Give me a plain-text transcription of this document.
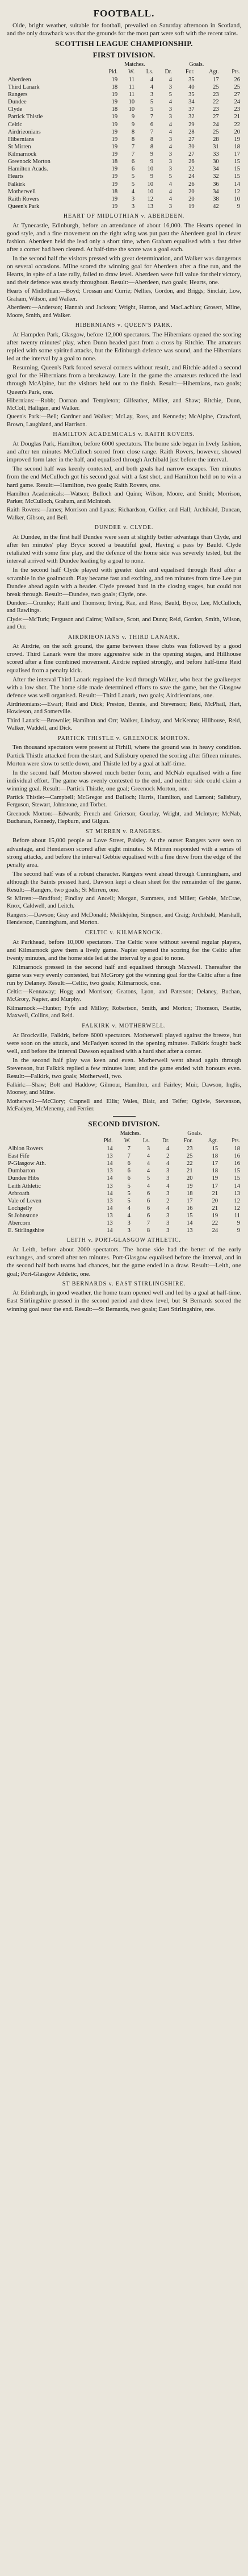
FOOTBALL.

Olde, bright weather, suitable for football, prevailed on Saturday afternoon in Scotland, and the only drawback was that the grounds for the most part were soft with the recent rains.

SCOTTISH LEAGUE CHAMPIONSHIP.
FIRST DIVISION.
	Matches.				Goals.		
	Pld.	W.	Ls.	Dr.	For.	Agt.	Pts.
Aberdeen	19	11	4	4	35	17	26
Third Lanark	18	11	4	3	40	25	25
Rangers	19	11	3	5	35	23	27
Dundee	19	10	5	4	34	22	24
Clyde	18	10	5	3	37	23	23
Partick Thistle	19	9	7	3	32	27	21
Celtic	19	9	6	4	29	24	22
Airdrieonians	19	8	7	4	28	25	20
Hibernians	19	8	8	3	27	28	19
St Mirren	19	7	8	4	30	31	18
Kilmarnock	19	7	9	3	27	33	17
Greenock Morton	18	6	9	3	26	30	15
Hamilton Acads.	19	6	10	3	22	34	15
Hearts	19	5	9	5	24	32	15
Falkirk	19	5	10	4	26	36	14
Motherwell	18	4	10	4	20	34	12
Raith Rovers	19	3	12	4	20	38	10
Queen's Park	19	3	13	3	19	42	9
HEART OF MIDLOTHIAN v. ABERDEEN.

At Tynecastle, Edinburgh, before an attendance of about 16,000. The Hearts opened in good style, and a fine movement on the right wing was put past the Aberdeen goal in clever fashion. Aberdeen held the lead only a short time, when Graham equalised with a fast drive after a corner had been cleared. At half-time the score was a goal each.

In the second half the visitors pressed with great determination, and Walker was dangerous on several occasions. Milne scored the winning goal for Aberdeen after a fine run, and the Hearts, in spite of a late rally, failed to draw level. Aberdeen were full value for their victory, and their defence was steady throughout. Result:—Aberdeen, two goals; Hearts, one.

Hearts of Midlothian:—Boyd; Crossan and Currie; Nellies, Gordon, and Briggs; Sinclair, Low, Graham, Wilson, and Walker.

Aberdeen:—Anderson; Hannah and Jackson; Wright, Hutton, and MacLachlan; Grosert, Milne, Moore, Smith, and Walker.

HIBERNIANS v. QUEEN'S PARK.

At Hampden Park, Glasgow, before 12,000 spectators. The Hibernians opened the scoring after twenty minutes' play, when Dunn headed past from a cross by Ritchie. The amateurs replied with some spirited attacks, but the Edinburgh defence was sound, and the Hibernians led at the interval by a goal to none.

Resuming, Queen's Park forced several corners without result, and Ritchie added a second goal for the Hibernians from a breakaway. Late in the game the amateurs reduced the lead through McAlpine, but the visitors held out to the finish. Result:—Hibernians, two goals; Queen's Park, one.

Hibernians:—Robb; Dornan and Templeton; Gilfeather, Miller, and Shaw; Ritchie, Dunn, McColl, Halligan, and Walker.

Queen's Park:—Bell; Gardner and Walker; McLay, Ross, and Kennedy; McAlpine, Crawford, Brown, Laughland, and Harrison.

HAMILTON ACADEMICALS v. RAITH ROVERS.

At Douglas Park, Hamilton, before 6000 spectators. The home side began in lively fashion, and after ten minutes McCulloch scored from close range. Raith Rovers, however, showed improved form later in the half, and equalised through Archibald just before the interval.

The second half was keenly contested, and both goals had narrow escapes. Ten minutes from the end McCulloch got his second goal with a fast shot, and Hamilton held on to win a hard game. Result:—Hamilton, two goals; Raith Rovers, one.

Hamilton Academicals:—Watson; Bulloch and Quinn; Wilson, Moore, and Smith; Morrison, Parker, McCulloch, Graham, and McIntosh.

Raith Rovers:—James; Morrison and Lynas; Richardson, Collier, and Hall; Archibald, Duncan, Walker, Gibson, and Bell.

DUNDEE v. CLYDE.

At Dundee, in the first half Dundee were seen at slightly better advantage than Clyde, and after ten minutes' play Bryce scored a beautiful goal, Having a pass by Bauld. Clyde retaliated with some fine play, and the defence of the home side was severely tested, but the interval arrived with Dundee leading by a goal to none.

In the second half Clyde played with greater dash and equalised through Reid after a scramble in the goalmouth. Play became fast and exciting, and ten minutes from time Lee put Dundee ahead again with a header. Clyde pressed hard in the closing stages, but could not break through. Result:—Dundee, two goals; Clyde, one.

Dundee:—Crumley; Raitt and Thomson; Irving, Rae, and Ross; Bauld, Bryce, Lee, McCulloch, and Rawlings.

Clyde:—McTurk; Ferguson and Cairns; Wallace, Scott, and Dunn; Reid, Gordon, Smith, Wilson, and Orr.

AIRDRIEONIANS v. THIRD LANARK.

At Airdrie, on the soft ground, the game between these clubs was followed by a good crowd. Third Lanark were the more aggressive side in the opening stages, and Hillhouse scored after a fine combined movement. Airdrie replied strongly, and before half-time Reid equalised from a penalty kick.

After the interval Third Lanark regained the lead through Walker, who beat the goalkeeper with a low shot. The home side made determined efforts to save the game, but the Glasgow defence was well organised. Result:—Third Lanark, two goals; Airdrieonians, one.

Airdrieonians:—Ewart; Reid and Dick; Preston, Bennie, and Stevenson; Reid, McPhail, Hart, Howieson, and Somerville.

Third Lanark:—Brownlie; Hamilton and Orr; Walker, Lindsay, and McKenna; Hillhouse, Reid, Walker, Waddell, and Dick.

PARTICK THISTLE v. GREENOCK MORTON.

Ten thousand spectators were present at Firhill, where the ground was in heavy condition. Partick Thistle attacked from the start, and Salisbury opened the scoring after fifteen minutes. Morton were slow to settle down, and Thistle led by a goal at half-time.

In the second half Morton showed much better form, and McNab equalised with a fine individual effort. The game was evenly contested to the end, and neither side could claim a winning goal. Result:—Partick Thistle, one goal; Greenock Morton, one.

Partick Thistle:—Campbell; McGregor and Bulloch; Harris, Hamilton, and Lamont; Salisbury, Ferguson, Stewart, Johnstone, and Torbet.

Greenock Morton:—Edwards; French and Grierson; Gourlay, Wright, and McIntyre; McNab, Buchanan, Kennedy, Hepburn, and Gilgun.

ST MIRREN v. RANGERS.

Before about 15,000 people at Love Street, Paisley. At the outset Rangers were seen to advantage, and Henderson scored after eight minutes. St Mirren responded with a series of strong attacks, and before the interval Gebbie equalised with a fine drive from the edge of the penalty area.

The second half was of a robust character. Rangers went ahead through Cunningham, and although the Saints pressed hard, Dawson kept a clean sheet for the remainder of the game. Result:—Rangers, two goals; St Mirren, one.

St Mirren:—Bradford; Findlay and Ancell; Morgan, Summers, and Miller; Gebbie, McCrae, Knox, Caldwell, and Leitch.

Rangers:—Dawson; Gray and McDonald; Meiklejohn, Simpson, and Craig; Archibald, Marshall, Henderson, Cunningham, and Morton.

CELTIC v. KILMARNOCK.

At Parkhead, before 10,000 spectators. The Celtic were without several regular players, and Kilmarnock gave them a lively game. Napier opened the scoring for the Celtic after twenty minutes, and the home side led at the interval by a goal to none.

Kilmarnock pressed in the second half and equalised through Maxwell. Thereafter the game was very evenly contested, but McGrory got the winning goal for the Celtic after a fine run by Delaney. Result:—Celtic, two goals; Kilmarnock, one.

Celtic:—Kennaway; Hogg and Morrison; Geatons, Lyon, and Paterson; Delaney, Buchan, McGrory, Napier, and Murphy.

Kilmarnock:—Hunter; Fyfe and Milloy; Robertson, Smith, and Morton; Thomson, Beattie, Maxwell, Collins, and Reid.

FALKIRK v. MOTHERWELL.

At Brockville, Falkirk, before 6000 spectators. Motherwell played against the breeze, but were soon on the attack, and McFadyen scored in the opening minutes. Falkirk fought back well, and before the interval Dawson equalised with a hard shot after a corner.

In the second half play was keen and even. Motherwell went ahead again through Stevenson, but Falkirk replied a few minutes later, and the game ended with honours even. Result:—Falkirk, two goals; Motherwell, two.

Falkirk:—Shaw; Bolt and Haddow; Gilmour, Hamilton, and Fairley; Muir, Dawson, Inglis, Mooney, and Milne.

Motherwell:—McClory; Crapnell and Ellis; Wales, Blair, and Telfer; Ogilvie, Stevenson, McFadyen, McMenemy, and Ferrier.

SECOND DIVISION.
	Matches.				Goals.		
	Pld.	W.	Ls.	Dr.	For.	Agt.	Pts.
Albion Rovers	14	7	3	4	23	15	18
East Fife	13	7	4	2	25	18	16
P-Glasgow Ath.	14	6	4	4	22	17	16
Dumbarton	13	6	4	3	21	18	15
Dundee Hibs	14	6	5	3	20	19	15
Leith Athletic	13	5	4	4	19	17	14
Arbroath	14	5	6	3	18	21	13
Vale of Leven	13	5	6	2	17	20	12
Lochgelly	14	4	6	4	16	21	12
St Johnstone	13	4	6	3	15	19	11
Abercorn	13	3	7	3	14	22	9
E. Stirlingshire	14	3	8	3	13	24	9
LEITH v. PORT-GLASGOW ATHLETIC.

At Leith, before about 2000 spectators. The home side had the better of the early exchanges, and scored after ten minutes. Port-Glasgow equalised before the interval, and in the second half both teams had chances, but the game ended in a draw. Result:—Leith, one goal; Port-Glasgow Athletic, one.

ST BERNARDS v. EAST STIRLINGSHIRE.

At Edinburgh, in good weather, the home team opened well and led by a goal at half-time. East Stirlingshire pressed in the second period and drew level, but St Bernards scored the winning goal near the end. Result:—St Bernards, two goals; East Stirlingshire, one.
